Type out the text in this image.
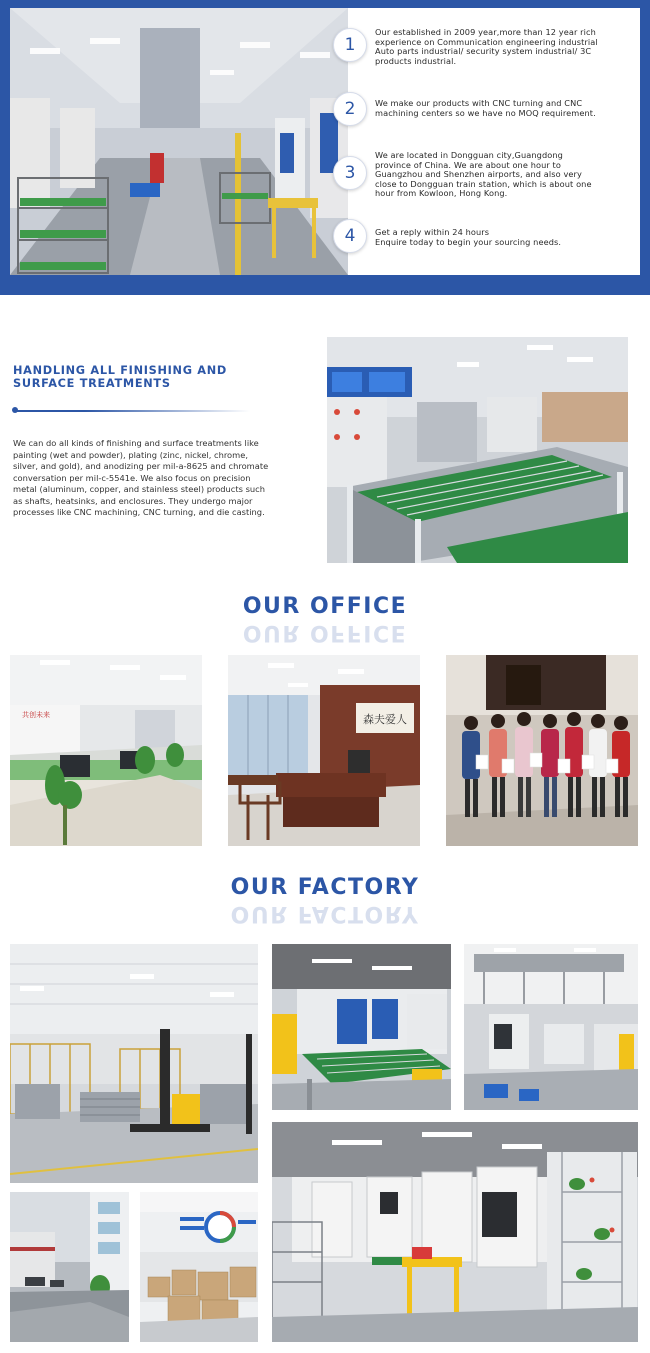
1
Our established in 2009 year,more than 12 year rich
experience on Communication engineering industrial
Auto parts industrial/ security system industrial/ 3C
products industrial.
2	We make our products with CNC turning and CNC
machining centers so we have no MOQ requirement.
3
We are located in Dongguan city,Guangdong
province of China. We are about one hour to
Guangzhou and Shenzhen airports, and also very
close to Dongguan train station, which is about one
hour from Kowloon, Hong Kong.
4	Get a reply within 24 hours
Enquire today to begin your sourcing needs.
HANDLING ALL FINISHING AND
SURFACE TREATMENTS
We can do all kinds of finishing and surface treatments like
painting (wet and powder), plating (zinc, nickel, chrome,
silver, and gold), and anodizing per mil-a-8625 and chromate
conversation per mil-c-5541e. We also focus on precision
metal (aluminum, copper, and stainless steel) products such
as shafts, heatsinks, and enclosures. They undergo major
processes like CNC machining, CNC turning, and die casting.
OUR OFFICE
OUR OFFICE
共创未来	森夫爱人
OUR FACTORY
OUR FACTORY
